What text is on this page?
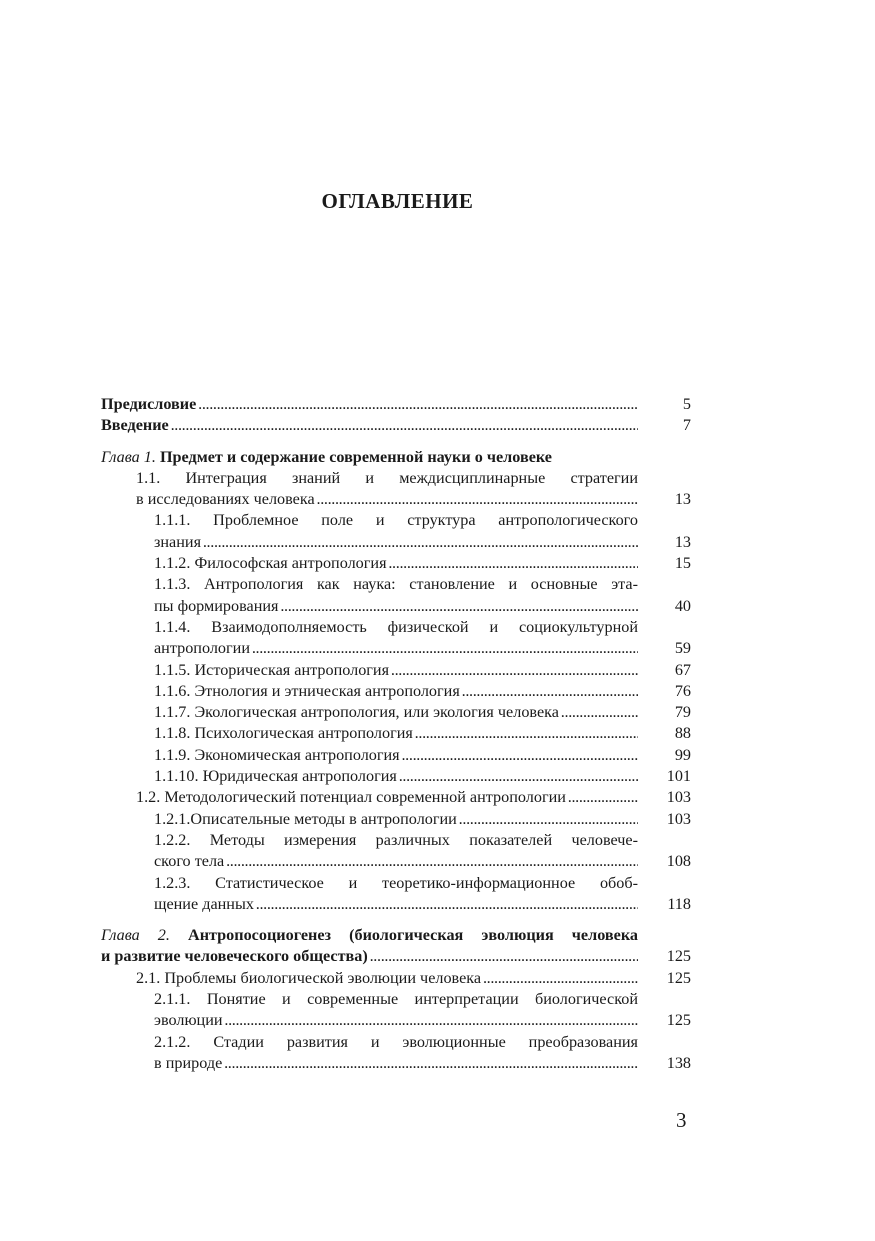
ОГЛАВЛЕНИЕ
Предисловие . . .	5
Введение . . .	7
Глава 1. Предмет и содержание современной науки о человеке
1.1. Интеграция знаний и междисциплинарные стратегии
в исследованиях человека . . .	13
1.1.1. Проблемное поле и структура антропологического
знания . . .	13
1.1.2. Философская антропология . . .	15
1.1.3. Антропология как наука: становление и основные эта-
пы формирования . . .	40
1.1.4. Взаимодополняемость физической и социокультурной
антропологии . . .	59
1.1.5. Историческая антропология . . .	67
1.1.6. Этнология и этническая антропология . . .	76
1.1.7. Экологическая антропология, или экология человека . . .	79
1.1.8. Психологическая антропология . . .	88
1.1.9. Экономическая антропология . . .	99
1.1.10. Юридическая антропология . . .	101
1.2. Методологический потенциал современной антропологии . . .	103
1.2.1.Описательные методы в антропологии . . .	103
1.2.2. Методы измерения различных показателей человече-
ского тела . . .	108
1.2.3. Статистическое и теоретико-информационное обоб-
щение данных . . .	118
Глава 2. Антропосоциогенез (биологическая эволюция человека
и развитие человеческого общества) . . .	125
2.1. Проблемы биологической эволюции человека . . .	125
2.1.1. Понятие и современные интерпретации биологической
эволюции . . .	125
2.1.2. Стадии развития и эволюционные преобразования
в природе . . .	138
3
